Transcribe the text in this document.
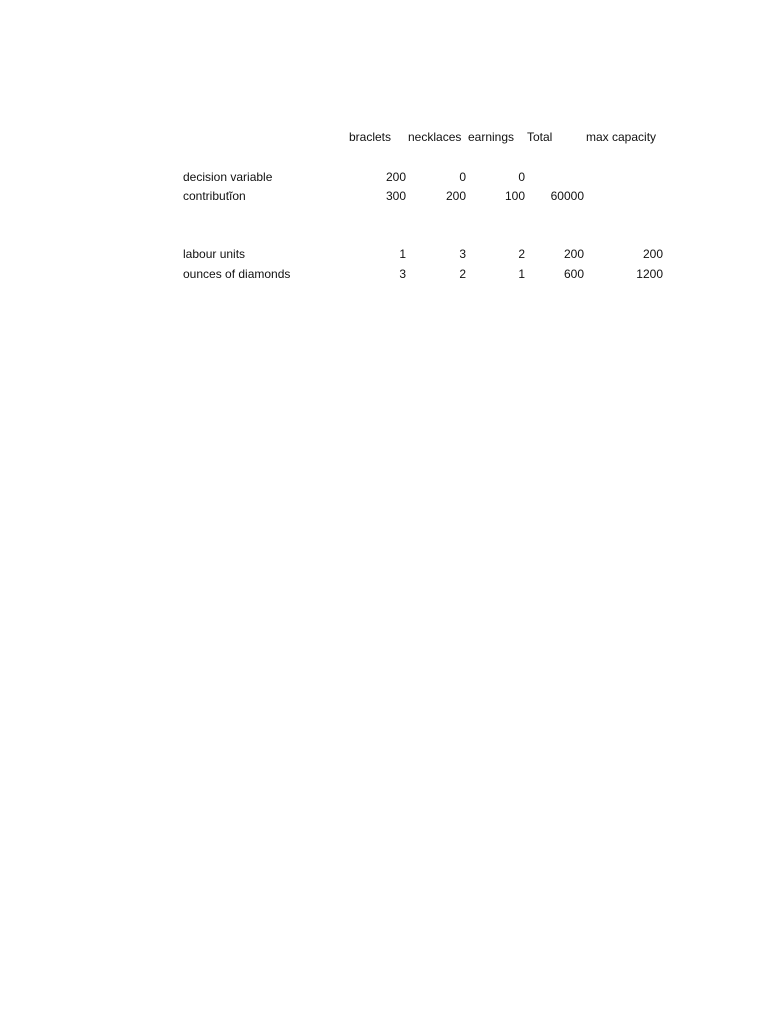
braclets necklaces earnings Total	max capacity
decision variable	200	0	0
contributĩon	300	200	100 60000
labour units	1	3	2	200	200
ounces of diamonds	3	2	1	600	1200
